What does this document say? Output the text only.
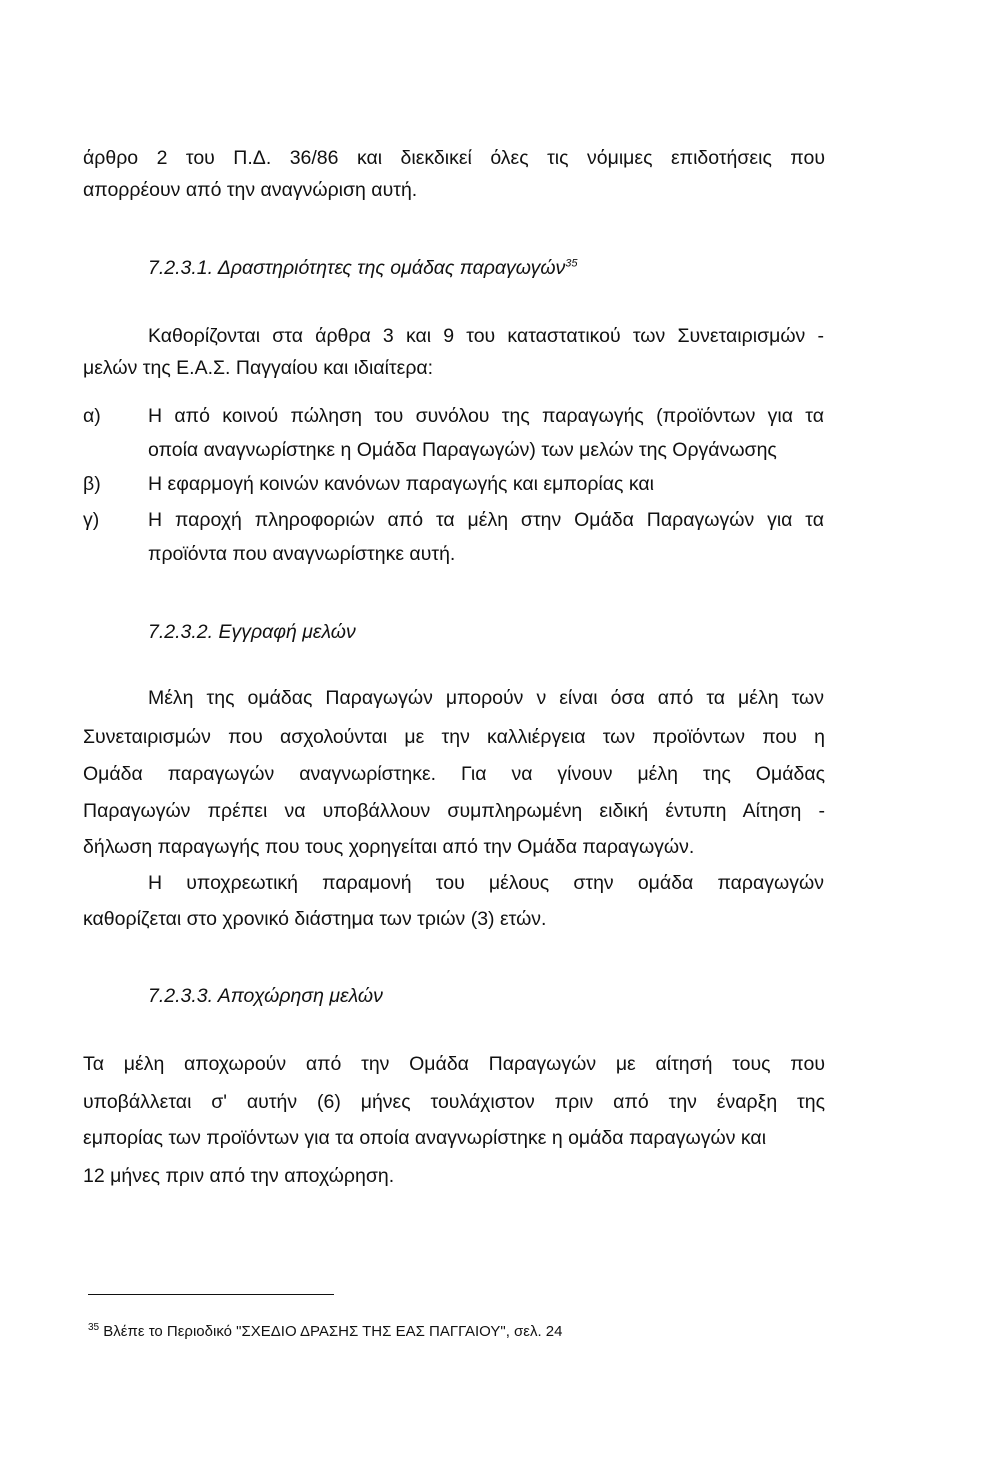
άρθρο 2 του Π.Δ. 36/86 και διεκδικεί όλες τις νόμιμες επιδοτήσεις που
απορρέουν από την αναγνώριση αυτή.
7.2.3.1. Δραστηριότητες της ομάδας παραγωγών$^{35}$
Καθορίζονται στα άρθρα 3 και 9 του καταστατικού των Συνεταιρισμών -
μελών της Ε.Α.Σ. Παγγαίου και ιδιαίτερα:
α) Η από κοινού πώληση του συνόλου της παραγωγής (προϊόντων για τα
οποία αναγνωρίστηκε η Ομάδα Παραγωγών) των μελών της Οργάνωσης
β) Η εφαρμογή κοινών κανόνων παραγωγής και εμπορίας και
γ)	Η παροχή πληροφοριών από τα μέλη στην Ομάδα Παραγωγών για τα
προϊόντα που αναγνωρίστηκε αυτή.
7.2.3.2. Εγγραφή μελών
Μέλη της ομάδας Παραγωγών μπορούν ν είναι όσα από τα μέλη των
Συνεταιρισμών που ασχολούνται με την καλλιέργεια των προϊόντων που η
Ομάδα παραγωγών αναγνωρίστηκε. Για να γίνουν μέλη της Ομάδας
Παραγωγών πρέπει να υποβάλλουν συμπληρωμένη ειδική έντυπη Αίτηση -
δήλωση παραγωγής που τους χορηγείται από την Ομάδα παραγωγών.
Η υποχρεωτική παραμονή του μέλους στην ομάδα παραγωγών
καθορίζεται στο χρονικό διάστημα των τριών (3) ετών.
7.2.3.3. Αποχώρηση μελών
Τα μέλη αποχωρούν από την Ομάδα Παραγωγών με αίτησή τους που
υποβάλλεται σ' αυτήν (6) μήνες τουλάχιστον πριν από την έναρξη της
εμπορίας των προϊόντων για τα οποία αναγνωρίστηκε η ομάδα παραγωγών και
12 μήνες πριν από την αποχώρηση.
$^{35}$ Βλέπε το Περιοδικό "ΣΧΕΔΙΟ ΔΡΑΣΗΣ ΤΗΣ ΕΑΣ ΠΑΓΓΑΙΟΥ", σελ. 24
